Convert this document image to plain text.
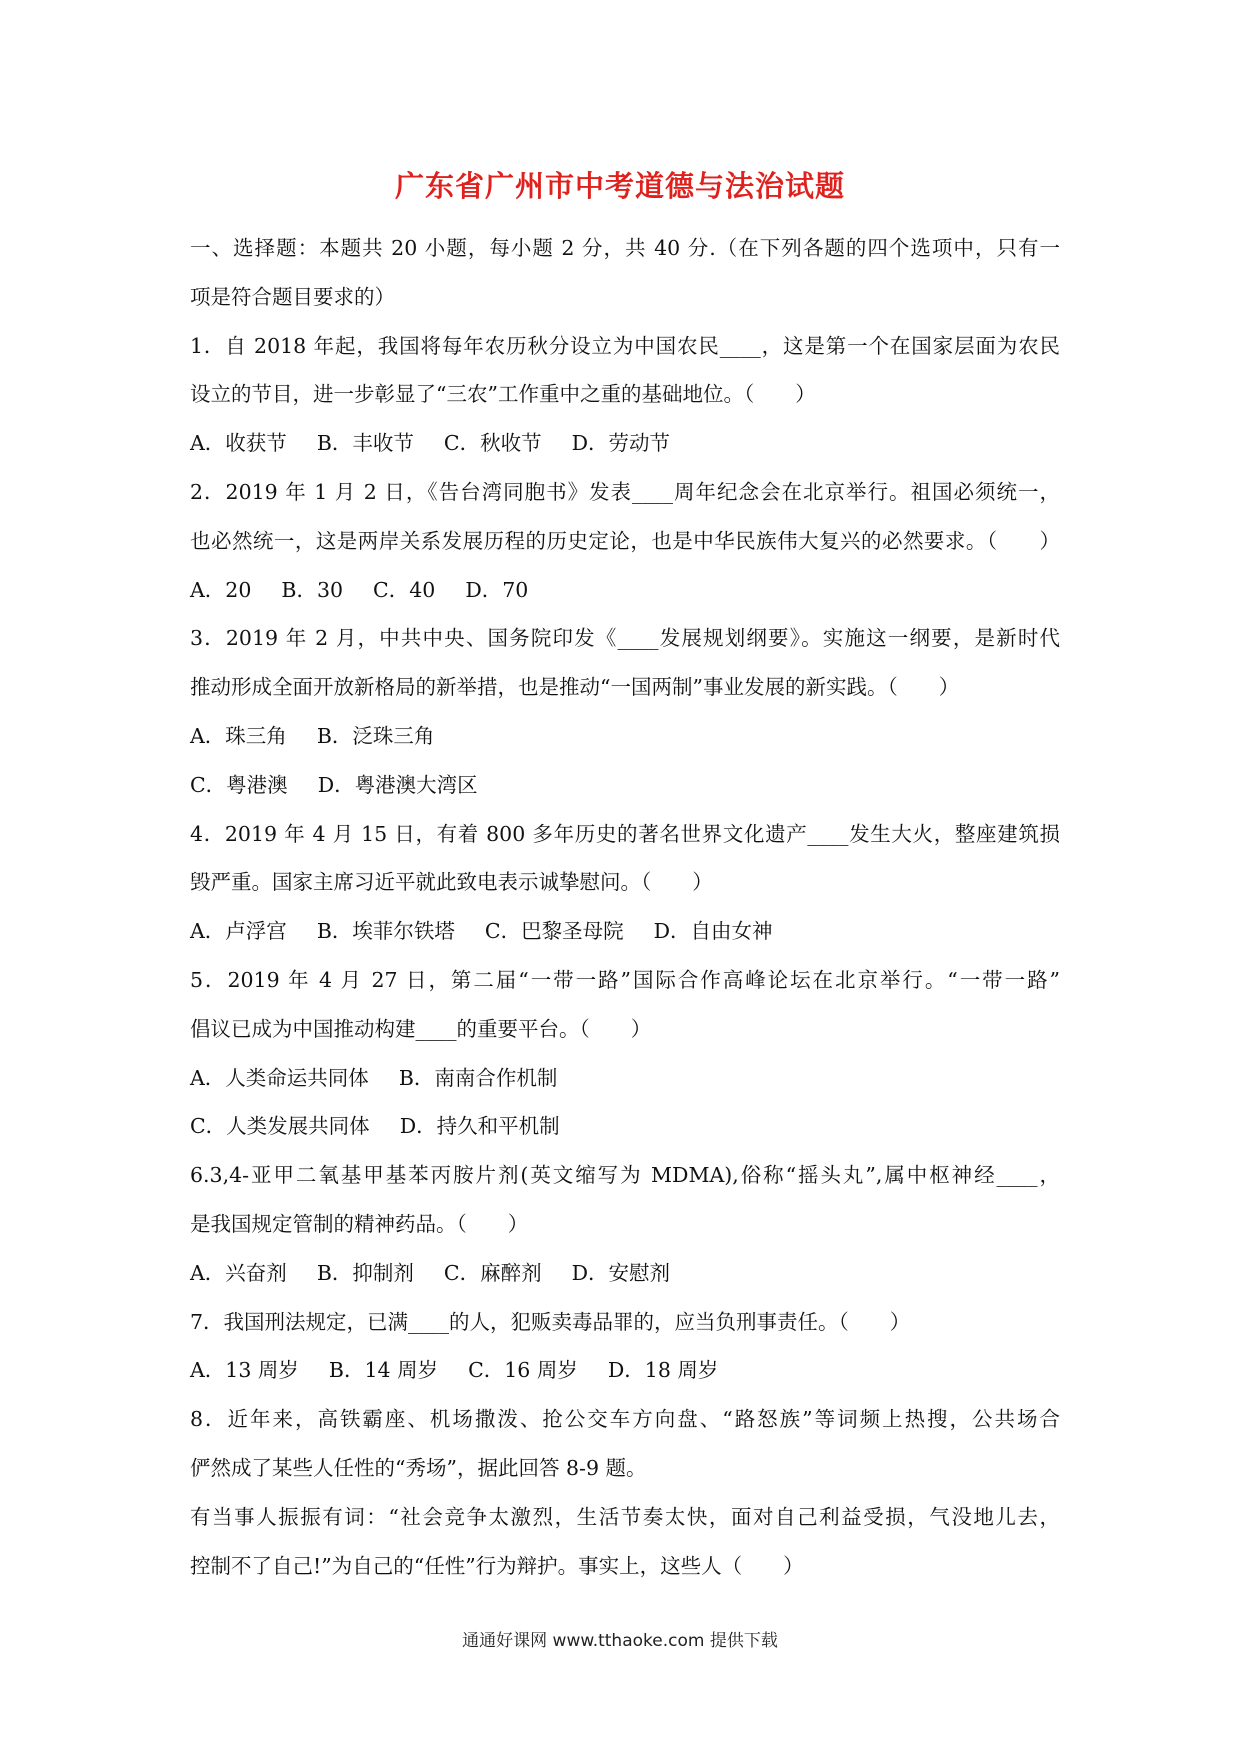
广东省广州市中考道德与法治试题
一、选择题：本题共 20 小题，每小题 2 分，共 40 分.（在下列各题的四个选项中，只有一
项是符合题目要求的）
1．自 2018 年起，我国将每年农历秋分设立为中国农民____，这是第一个在国家层面为农民
设立的节目，进一步彰显了“三农”工作重中之重的基础地位。（　　）
A．收获节 B．丰收节 C．秋收节 D．劳动节
2．2019 年 1 月 2 日，《告台湾同胞书》发表____周年纪念会在北京举行。祖国必须统一，
也必然统一，这是两岸关系发展历程的历史定论，也是中华民族伟大复兴的必然要求。（　　）
A．20 B．30 C．40 D．70
3．2019 年 2 月，中共中央、国务院印发《____发展规划纲要》。实施这一纲要，是新时代
推动形成全面开放新格局的新举措，也是推动“一国两制”事业发展的新实践。（　　）
A．珠三角 B．泛珠三角
C．粤港澳 D．粤港澳大湾区
4．2019 年 4 月 15 日，有着 800 多年历史的著名世界文化遗产____发生大火，整座建筑损
毁严重。国家主席习近平就此致电表示诚挚慰问。（　　）
A．卢浮宫 B．埃菲尔铁塔 C．巴黎圣母院 D．自由女神
5．2019 年 4 月 27 日，第二届“一带一路”国际合作高峰论坛在北京举行。“一带一路”
倡议已成为中国推动构建____的重要平台。（　　）
A．人类命运共同体 B．南南合作机制
C．人类发展共同体 D．持久和平机制
6.3,4-亚甲二氧基甲基苯丙胺片剂(英文缩写为 MDMA),俗称“摇头丸”,属中枢神经____，
是我国规定管制的精神药品。（　　）
A．兴奋剂 B．抑制剂 C．麻醉剂 D．安慰剂
7．我国刑法规定，已满____的人，犯贩卖毒品罪的，应当负刑事责任。（　　）
A．13 周岁 B．14 周岁 C．16 周岁 D．18 周岁
8．近年来，高铁霸座、机场撒泼、抢公交车方向盘、“路怒族”等词频上热搜，公共场合
俨然成了某些人任性的“秀场”，据此回答 8-9 题。
有当事人振振有词：“社会竞争太激烈，生活节奏太快，面对自己利益受损，气没地儿去，
控制不了自己!”为自己的“任性”行为辩护。事实上，这些人（　　）
通通好课网 www.tthaoke.com 提供下载
